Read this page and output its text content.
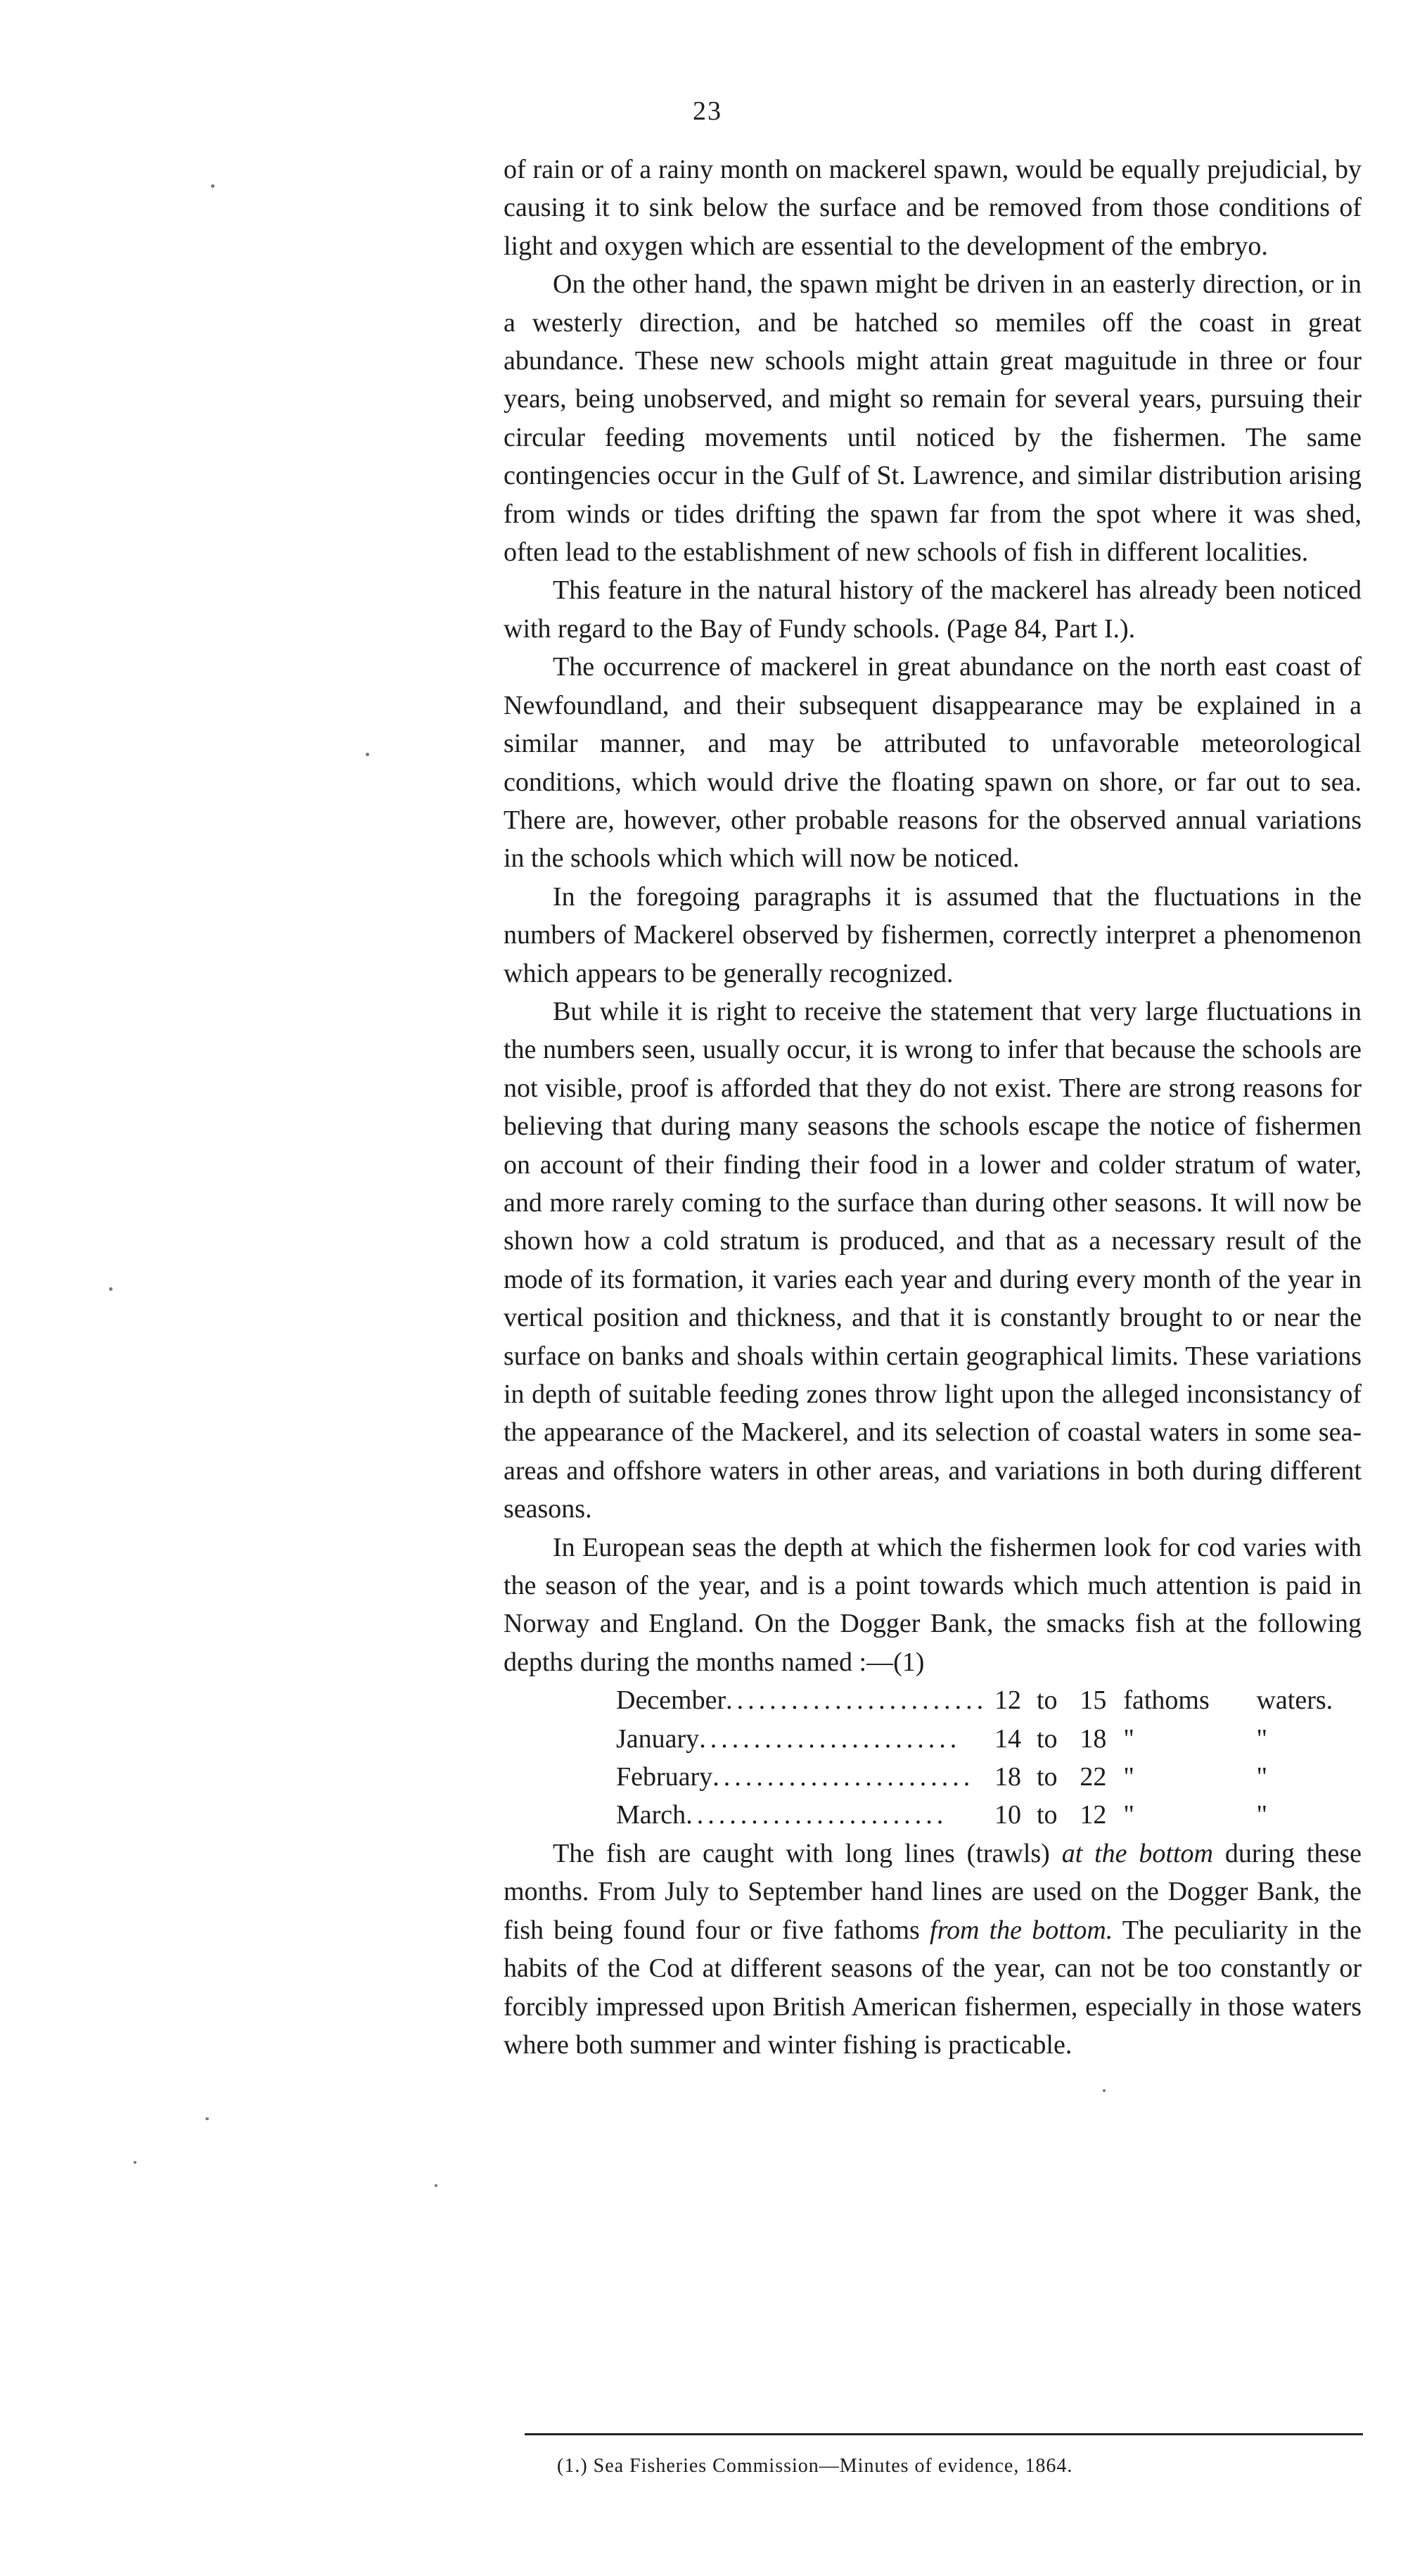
23

of rain or of a rainy month on mackerel spawn, would be equally prejudicial, by causing it to sink below the surface and be removed from those conditions of light and oxygen which are essential to the development of the embryo.

On the other hand, the spawn might be driven in an easterly direction, or in a westerly direction, and be hatched so memiles off the coast in great abundance. These new schools might attain great maguitude in three or four years, being unobserved, and might so remain for several years, pursuing their circular feeding movements until noticed by the fishermen. The same contingencies occur in the Gulf of St. Lawrence, and similar distribution arising from winds or tides drifting the spawn far from the spot where it was shed, often lead to the establishment of new schools of fish in different localities.

This feature in the natural history of the mackerel has already been noticed with regard to the Bay of Fundy schools. (Page 84, Part I.).

The occurrence of mackerel in great abundance on the north east coast of Newfoundland, and their subsequent disappearance may be explained in a similar manner, and may be attributed to unfavorable meteorological conditions, which would drive the floating spawn on shore, or far out to sea. There are, however, other probable reasons for the observed annual variations in the schools which which will now be noticed.

In the foregoing paragraphs it is assumed that the fluctuations in the numbers of Mackerel observed by fishermen, correctly interpret a phenomenon which appears to be generally recognized.

But while it is right to receive the statement that very large fluctuations in the numbers seen, usually occur, it is wrong to infer that because the schools are not visible, proof is afforded that they do not exist. There are strong reasons for believing that during many seasons the schools escape the notice of fishermen on account of their finding their food in a lower and colder stratum of water, and more rarely coming to the surface than during other seasons. It will now be shown how a cold stratum is produced, and that as a necessary result of the mode of its formation, it varies each year and during every month of the year in vertical position and thickness, and that it is constantly brought to or near the surface on banks and shoals within certain geographical limits. These variations in depth of suitable feeding zones throw light upon the alleged inconsistancy of the appearance of the Mackerel, and its selection of coastal waters in some sea-areas and offshore waters in other areas, and variations in both during different seasons.

In European seas the depth at which the fishermen look for cod varies with the season of the year, and is a point towards which much attention is paid in Norway and England. On the Dogger Bank, the smacks fish at the following depths during the months named :—(1)

December ........................	12	to	15	fathoms	waters.

January ........................	14	to	18	"	"

February ........................	18	to	22	"	"

March ........................	10	to	12	"	"

The fish are caught with long lines (trawls) at the bottom during these months. From July to September hand lines are used on the Dogger Bank, the fish being found four or five fathoms from the bottom. The peculiarity in the habits of the Cod at different seasons of the year, can not be too constantly or forcibly impressed upon British American fishermen, especially in those waters where both summer and winter fishing is practicable.

(1.) Sea Fisheries Commission—Minutes of evidence, 1864.
